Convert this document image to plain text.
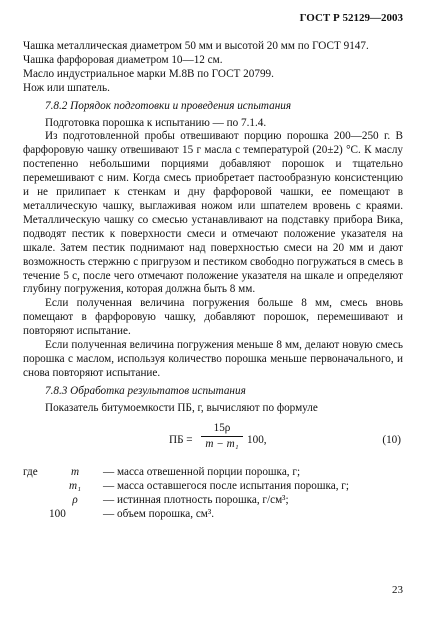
ГОСТ Р 52129—2003

Чашка металлическая диаметром 50 мм и высотой 20 мм по ГОСТ 9147.

Чашка фарфоровая диаметром 10—12 см.

Масло индустриальное марки М.8В по ГОСТ 20799.

Нож или шпатель.

7.8.2 Порядок подготовки и проведения испытания

Подготовка порошка к испытанию — по 7.1.4.

Из подготовленной пробы отвешивают порцию порошка 200—250 г. В фарфоровую чашку отвешивают 15 г масла с температурой (20±2) °С. К маслу постепенно небольшими порциями добавляют порошок и тщательно перемешивают с ним. Когда смесь приобретает пастообразную консистенцию и не прилипает к стенкам и дну фарфоровой чашки, ее помещают в металлическую чашку, выглаживая ножом или шпателем вровень с краями. Металлическую чашку со смесью устанавливают на подставку прибора Вика, подводят пестик к поверхности смеси и отмечают положение указателя на шкале. Затем пестик поднимают над поверхностью смеси на 20 мм и дают возможность стержню с пригрузом и пестиком свободно погружаться в смесь в течение 5 с, после чего отмечают положение указателя на шкале и определяют глубину погружения, которая должна быть 8 мм.

Если полученная величина погружения больше 8 мм, смесь вновь помещают в фарфоровую чашку, добавляют порошок, перемешивают и повторяют испытание.

Если полученная величина погружения меньше 8 мм, делают новую смесь порошка с маслом, используя количество порошка меньше первоначального, и снова повторяют испытание.

7.8.3 Обработка результатов испытания

Показатель битумоемкости ПБ, г, вычисляют по формуле

ПБ = $\frac{15\rho}{\text{m − m₁}} 100$,	(10)
где	m	— масса отвешенной порции порошка, г;
m₁	— масса оставшегося после испытания порошка, г;
ρ	— истинная плотность порошка, г/см³;
100	— объем порошка, см³.
23
